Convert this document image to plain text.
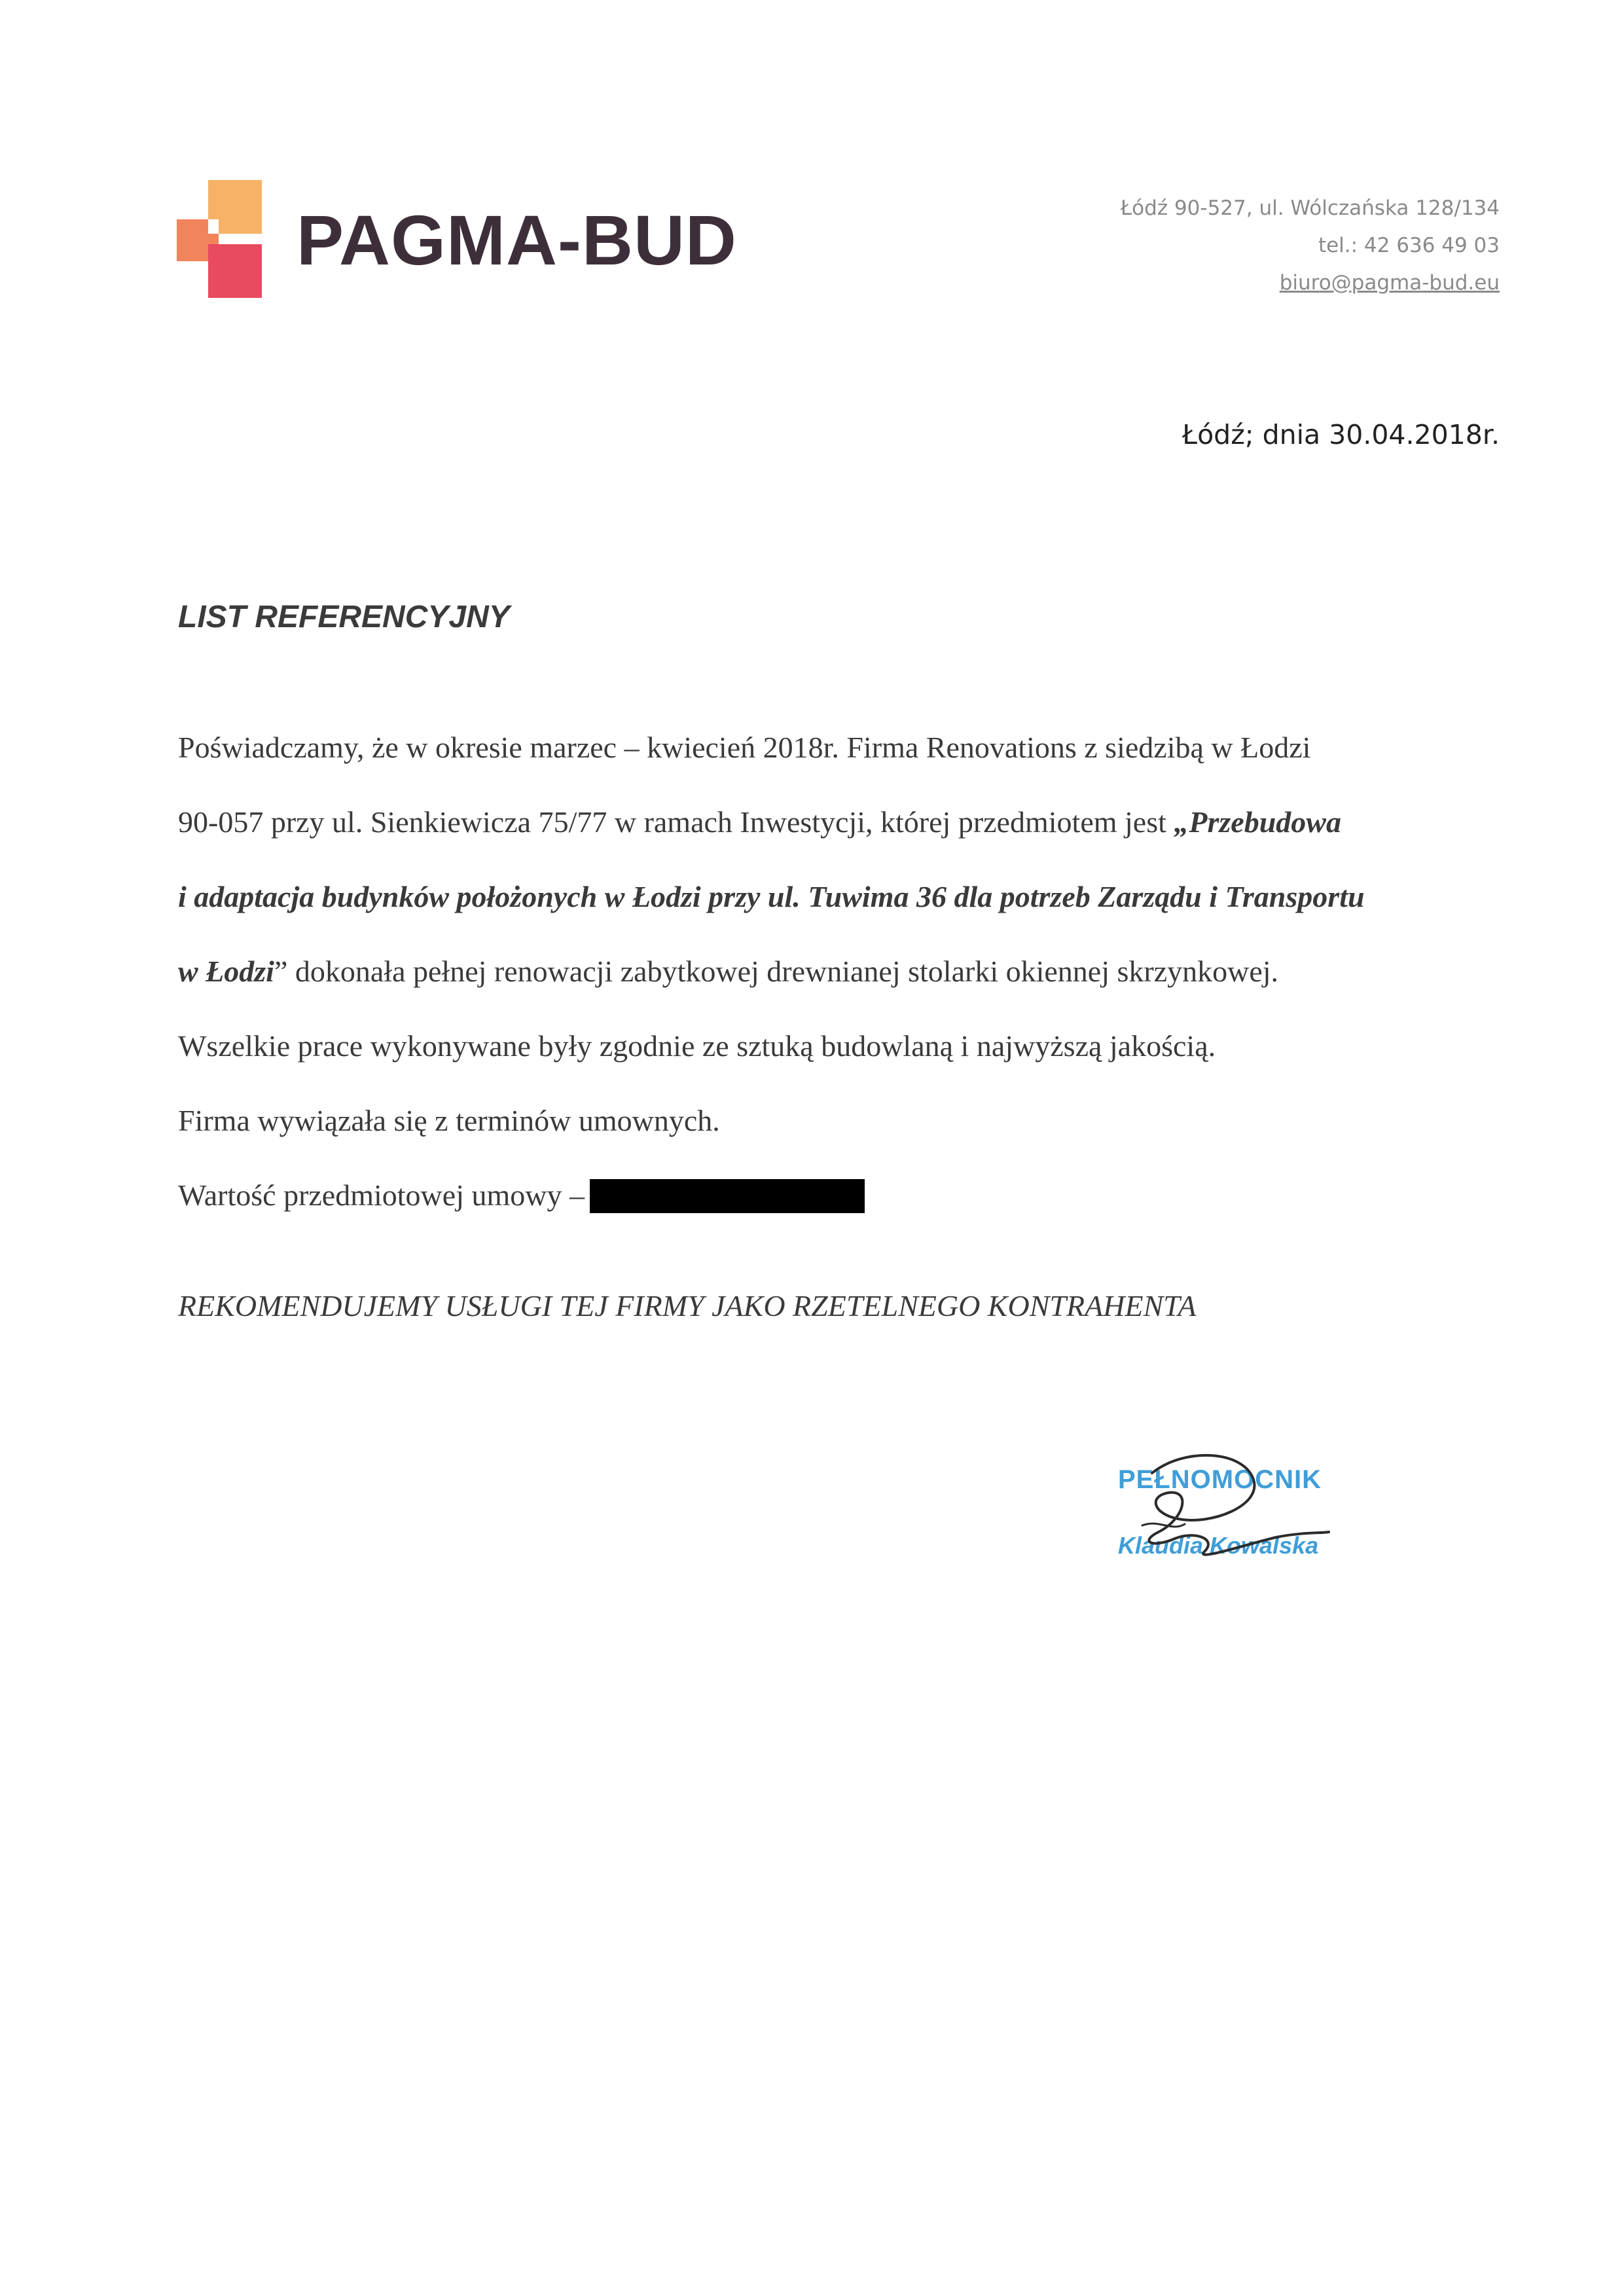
PAGMA-BUD	Łódź 90-527, ul. Wólczańska 128/134
tel.: 42 636 49 03
biuro@pagma-bud.eu
Łódź; dnia 30.04.2018r.
LIST REFERENCYJNY
Poświadczamy, że w okresie marzec – kwiecień 2018r. Firma Renovations z siedzibą w Łodzi
90-057 przy ul. Sienkiewicza 75/77 w ramach Inwestycji, której przedmiotem jest „Przebudowa
i adaptacja budynków położonych w Łodzi przy ul. Tuwima 36 dla potrzeb Zarządu i Transportu
w Łodzi” dokonała pełnej renowacji zabytkowej drewnianej stolarki okiennej skrzynkowej.
Wszelkie prace wykonywane były zgodnie ze sztuką budowlaną i najwyższą jakością.
Firma wywiązała się z terminów umownych.
Wartość przedmiotowej umowy –
REKOMENDUJEMY USŁUGI TEJ FIRMY JAKO RZETELNEGO KONTRAHENTA
PEŁNOMOCNIK
Klaudia Kowalska
